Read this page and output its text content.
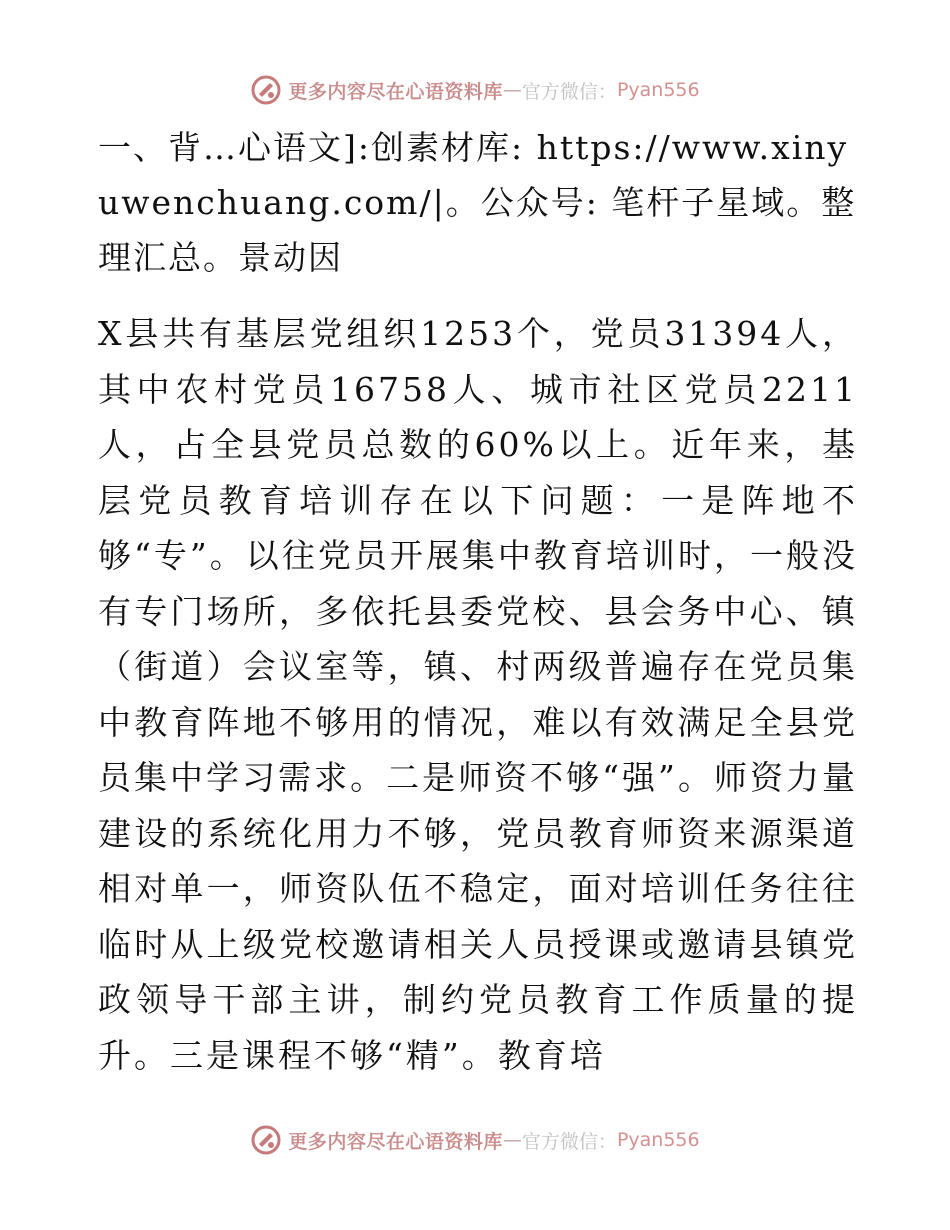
更多内容尽在心语资料库 — 官方微信： Pyan556
一、背…心语文]:创素材库: https://www.xinyuwenchuang.com/|。公众号: 笔杆子星域。整理汇总。景动因
X县共有基层党组织1253个，党员31394人，其中农村党员16758人、城市社区党员2211人，占全县党员总数的60%以上。近年来，基层党员教育培训存在以下问题：一是阵地不够“专”。以往党员开展集中教育培训时，一般没有专门场所，多依托县委党校、县会务中心、镇（街道）会议室等，镇、村两级普遍存在党员集中教育阵地不够用的情况，难以有效满足全县党员集中学习需求。二是师资不够“强”。师资力量建设的系统化用力不够，党员教育师资来源渠道相对单一，师资队伍不稳定，面对培训任务往往临时从上级党校邀请相关人员授课或邀请县镇党政领导干部主讲，制约党员教育工作质量的提升。三是课程不够“精”。教育培
更多内容尽在心语资料库 — 官方微信： Pyan556
